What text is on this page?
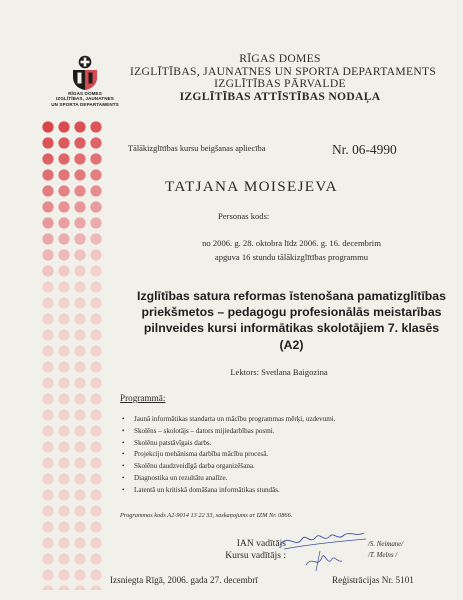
RĪGAS DOMES
IZGLĪTĪBAS, JAUNATNES
UN SPORTA DEPARTAMENTS
RĪGAS DOMES
IZGLĪTĪBAS, JAUNATNES UN SPORTA DEPARTAMENTS
IZGLĪTĪBAS PĀRVALDE
IZGLĪTĪBAS ATTĪSTĪBAS NODAĻA
Tālākizglītības kursu beigšanas apliecība	Nr. 06-4990
TATJANA MOISEJEVA
Personas kods:
no 2006. g. 28. oktobra līdz 2006. g. 16. decembrim
apguva 16 stundu tālākizglītības programmu
Izglītības satura reformas īstenošana pamatizglītības
priekšmetos – pedagogu profesionālās meistarības
pilnveides kursi informātikas skolotājiem 7. klasēs
(A2)
Lektors: Svetlana Baigozina
Programmā:
• Jaunā informātikas standarta un mācību programmas mērķi, uzdevumi.
• Skolēns – skolotājs – dators mijiedarbības posmi.
• Skolēnu patstāvīgais darbs.
• Projekciju mehānisma darbība mācību procesā.
• Skolēnu daudzveidīgā darba organizēšana.
• Diagnostika un rezultātu analīze.
• Latentā un kritiskā domāšana informātikas stundās.
Programmas kods A2-9014 13 22 33, saskaņojums ar IZM Nr. 0866.
IAN vadītājs
Kursu vadītājs :
/S. Neimane/
/T. Melns /
Izsniegta Rīgā, 2006. gada 27. decembrī	Reģistrācijas Nr. 5101
